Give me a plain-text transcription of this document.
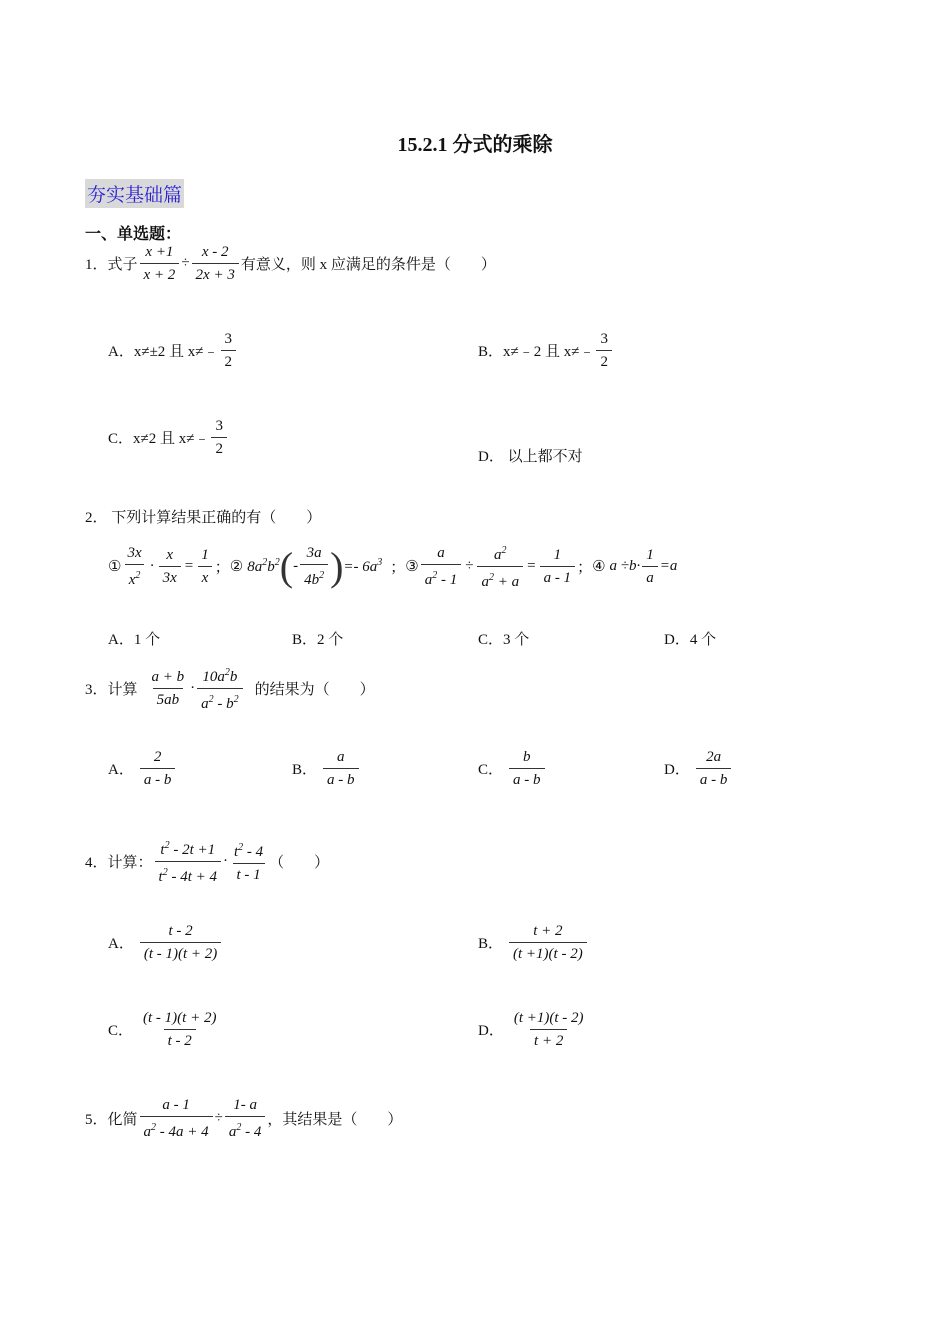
15.2.1 分式的乘除
夯实基础篇
一、单选题：
1． 式子 $\frac{x +1}{x + 2} \div \frac{x - 2}{2x + 3}$ 有意义，则 x 应满足的条件是（　　）
A． x≠±2 且 x≠﹣
3
2
B． x≠﹣2 且 x≠﹣
3
2
C． x≠2 且 x≠﹣
3
2	D． 以上都不对
2． 下列计算结果正确的有（　　）
①
3x
$x^2$
· $\frac{x}{3x} = \frac{1}{x}$ ； ② $8a^2b^2$ ( -
3a
$4b^2$ ) =- $6a^3$ ； ③ $\frac{a}{a^2 - 1} \div \frac{a^2}{a^2 + a} = \frac{1}{a - 1}$ ； ④ $a \div b\cdot \frac{1}{a} =a$
A．1 个	B．2 个	C．3 个	D．4 个
3． 计算
a + b
5ab
·
$10a^2b$
$a^2 - b^2$
的结果为（　　）
A．
2
a - b
B．
a
a - b
C．
b
a - b
D．
2a
a - b
4． 计算：
$t^2 - 2t +1$
$t^2 - 4t + 4$
·
$t^2 - 4$
t - 1
（　　）
A．
t - 2
(t - 1)(t + 2)
B．
t + 2
(t +1)(t - 2)
C．
(t - 1)(t + 2)
t - 2
D．
(t +1)(t - 2)
t + 2
5． 化简 $\frac{a - 1}{a^2 - 4a + 4} \div \frac{1- a}{a^2 - 4}$ ，其结果是（　　）
